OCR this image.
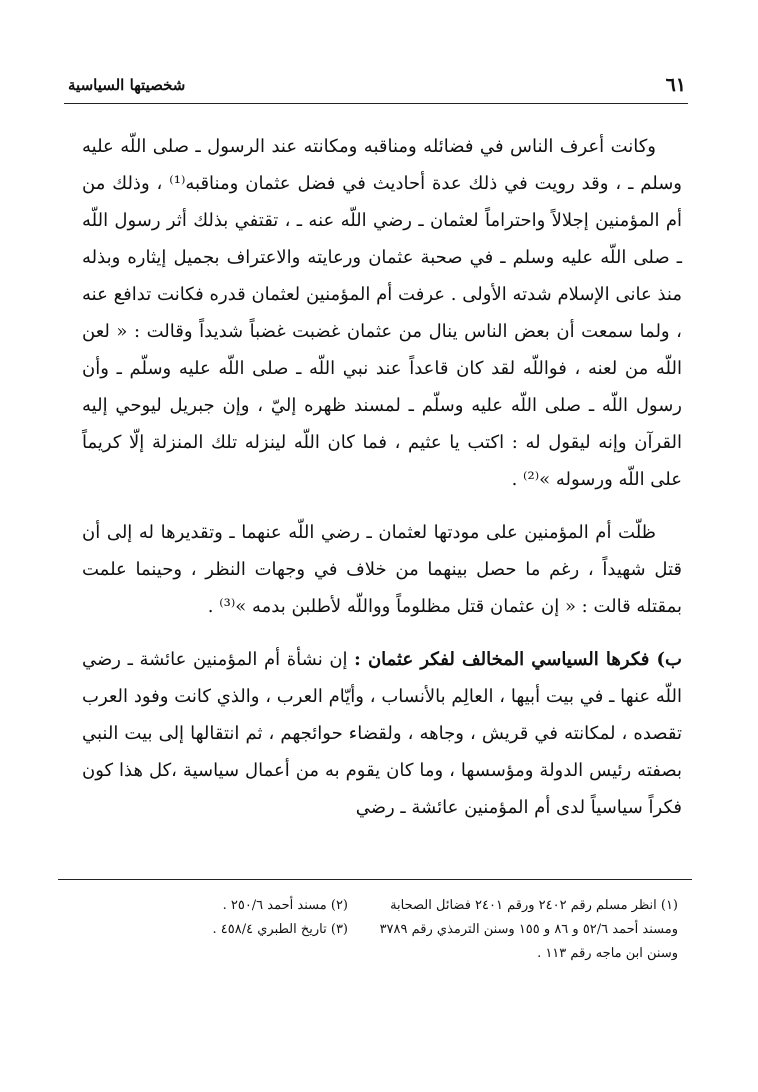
٦١
شخصيتها السياسية

وكانت أعرف الناس في فضائله ومناقبه ومكانته عند الرسول ـ صلى اللّه عليه وسلم ـ ، وقد رويت في ذلك عدة أحاديث في فضل عثمان ومناقبه⁽¹⁾ ، وذلك من أم المؤمنين إجلالاً واحتراماً لعثمان ـ رضي اللّه عنه ـ ، تقتفي بذلك أثر رسول اللّه ـ صلى اللّه عليه وسلم ـ في صحبة عثمان ورعايته والاعتراف بجميل إيثاره وبذله منذ عانى الإسلام شدته الأولى . عرفت أم المؤمنين لعثمان قدره فكانت تدافع عنه ، ولما سمعت أن بعض الناس ينال من عثمان غضبت غضباً شديداً وقالت : « لعن اللّه من لعنه ، فواللّه لقد كان قاعداً عند نبي اللّه ـ صلى اللّه عليه وسلّم ـ وأن رسول اللّه ـ صلى اللّه عليه وسلّم ـ لمسند ظهره إليّ ، وإن جبريل ليوحي إليه القرآن وإنه ليقول له : اكتب يا عثيم ، فما كان اللّه لينزله تلك المنزلة إلّا كريماً على اللّه ورسوله »⁽²⁾ .

ظلّت أم المؤمنين على مودتها لعثمان ـ رضي اللّه عنهما ـ وتقديرها له إلى أن قتل شهيداً ، رغم ما حصل بينهما من خلاف في وجهات النظر ، وحينما علمت بمقتله قالت : « إن عثمان قتل مظلوماً وواللّه لأطلبن بدمه »⁽³⁾ .

ب) فكرها السياسي المخالف لفكر عثمان : إن نشأة أم المؤمنين عائشة ـ رضي اللّه عنها ـ في بيت أبيها ، العالِم بالأنساب ، وأيّام العرب ، والذي كانت وفود العرب تقصده ، لمكانته في قريش ، وجاهه ، ولقضاء حوائجهم ، ثم انتقالها إلى بيت النبي بصفته رئيس الدولة ومؤسسها ، وما كان يقوم به من أعمال سياسية ،كل هذا كون فكراً سياسياً لدى أم المؤمنين عائشة ـ رضي

(١) انظر مسلم رقم ٢٤٠٢ ورقم ٢٤٠١ فضائل الصحابة ومسند أحمد ٥٢/٦ و ٨٦ و ١٥٥ وسنن الترمذي رقم ٣٧٨٩ وسنن ابن ماجه رقم ١١٣ .

(٢) مسند أحمد ٢٥٠/٦ .

(٣) تاريخ الطبري ٤٥٨/٤ .
